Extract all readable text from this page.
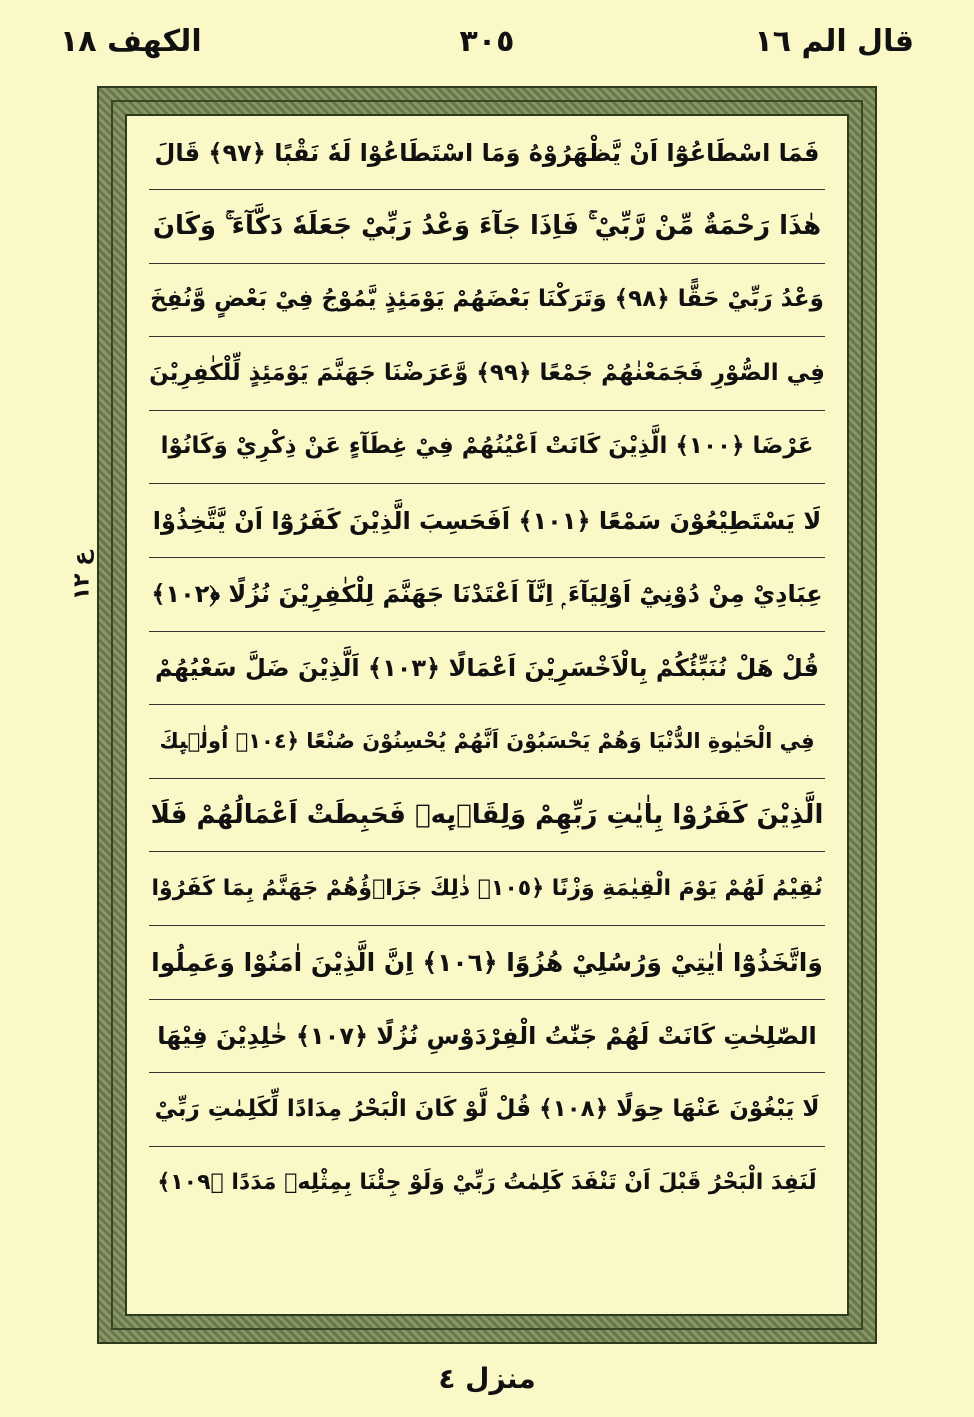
قال الم ١٦
٣٠٥
الكهف ١٨
ع ١٢
فَمَا اسْطَاعُوْٓا اَنْ يَّظْهَرُوْهُ وَمَا اسْتَطَاعُوْا لَهٗ نَقْبًا ﴿٩٧﴾ قَالَ
هٰذَا رَحْمَةٌ مِّنْ رَّبِّيْ ۚ فَاِذَا جَآءَ وَعْدُ رَبِّيْ جَعَلَهٗ دَكَّآءَ ۚ وَكَانَ
وَعْدُ رَبِّيْ حَقًّا ﴿٩٨﴾ وَتَرَكْنَا بَعْضَهُمْ يَوْمَئِذٍ يَّمُوْجُ فِيْ بَعْضٍ وَّنُفِخَ
فِي الصُّوْرِ فَجَمَعْنٰهُمْ جَمْعًا ﴿٩٩﴾ وَّعَرَضْنَا جَهَنَّمَ يَوْمَئِذٍ لِّلْكٰفِرِيْنَ
عَرْضَا ﴿١٠٠﴾ الَّذِيْنَ كَانَتْ اَعْيُنُهُمْ فِيْ غِطَآءٍ عَنْ ذِكْرِيْ وَكَانُوْا
لَا يَسْتَطِيْعُوْنَ سَمْعًا ﴿١٠١﴾ اَفَحَسِبَ الَّذِيْنَ كَفَرُوْٓا اَنْ يَّتَّخِذُوْا
عِبَادِيْ مِنْ دُوْنِيْٓ اَوْلِيَآءَ ۭ اِنَّآ اَعْتَدْنَا جَهَنَّمَ لِلْكٰفِرِيْنَ نُزُلًا ﴿١٠٢﴾
قُلْ هَلْ نُنَبِّئُكُمْ بِالْاَخْسَرِيْنَ اَعْمَالًا ﴿١٠٣﴾ اَلَّذِيْنَ ضَلَّ سَعْيُهُمْ
فِي الْحَيٰوةِ الدُّنْيَا وَهُمْ يَحْسَبُوْنَ اَنَّهُمْ يُحْسِنُوْنَ صُنْعًا ﴿١٠٤﴾ اُولٰۗىِٕكَ
الَّذِيْنَ كَفَرُوْا بِاٰيٰتِ رَبِّهِمْ وَلِقَاۗىِٕهٖ فَحَبِطَتْ اَعْمَالُهُمْ فَلَا
نُقِيْمُ لَهُمْ يَوْمَ الْقِيٰمَةِ وَزْنًا ﴿١٠٥﴾ ذٰلِكَ جَزَاۗؤُهُمْ جَهَنَّمُ بِمَا كَفَرُوْا
وَاتَّخَذُوْٓا اٰيٰتِيْ وَرُسُلِيْ هُزُوًا ﴿١٠٦﴾ اِنَّ الَّذِيْنَ اٰمَنُوْا وَعَمِلُوا
الصّٰلِحٰتِ كَانَتْ لَهُمْ جَنّٰتُ الْفِرْدَوْسِ نُزُلًا ﴿١٠٧﴾ خٰلِدِيْنَ فِيْهَا
لَا يَبْغُوْنَ عَنْهَا حِوَلًا ﴿١٠٨﴾ قُلْ لَّوْ كَانَ الْبَحْرُ مِدَادًا لِّكَلِمٰتِ رَبِّيْ
لَنَفِدَ الْبَحْرُ قَبْلَ اَنْ تَنْفَدَ كَلِمٰتُ رَبِّيْ وَلَوْ جِئْنَا بِمِثْلِهٖ مَدَدًا ﴿١٠٩﴾
منزل ٤
